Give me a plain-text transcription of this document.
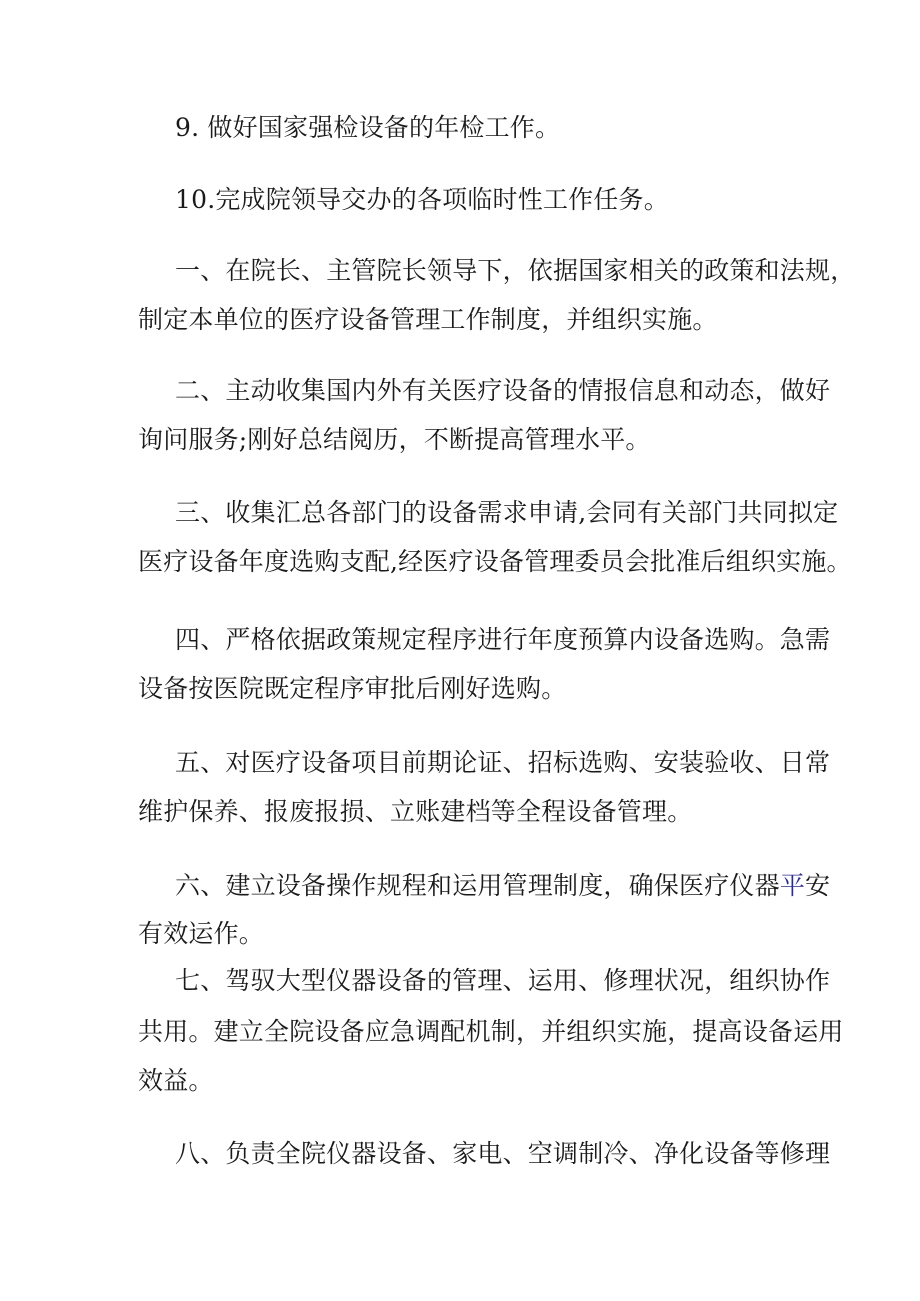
9. 做好国家强检设备的年检工作。

10.完成院领导交办的各项临时性工作任务。

一、在院长、主管院长领导下，依据国家相关的政策和法规，

制定本单位的医疗设备管理工作制度，并组织实施。

二、主动收集国内外有关医疗设备的情报信息和动态，做好

询问服务;刚好总结阅历，不断提高管理水平。

三、收集汇总各部门的设备需求申请,会同有关部门共同拟定

医疗设备年度选购支配,经医疗设备管理委员会批准后组织实施。

四、严格依据政策规定程序进行年度预算内设备选购。急需

设备按医院既定程序审批后刚好选购。

五、对医疗设备项目前期论证、招标选购、安装验收、日常

维护保养、报废报损、立账建档等全程设备管理。

六、建立设备操作规程和运用管理制度，确保医疗仪器平安

有效运作。

七、驾驭大型仪器设备的管理、运用、修理状况，组织协作

共用。建立全院设备应急调配机制，并组织实施，提高设备运用

效益。

八、负责全院仪器设备、家电、空调制冷、净化设备等修理
